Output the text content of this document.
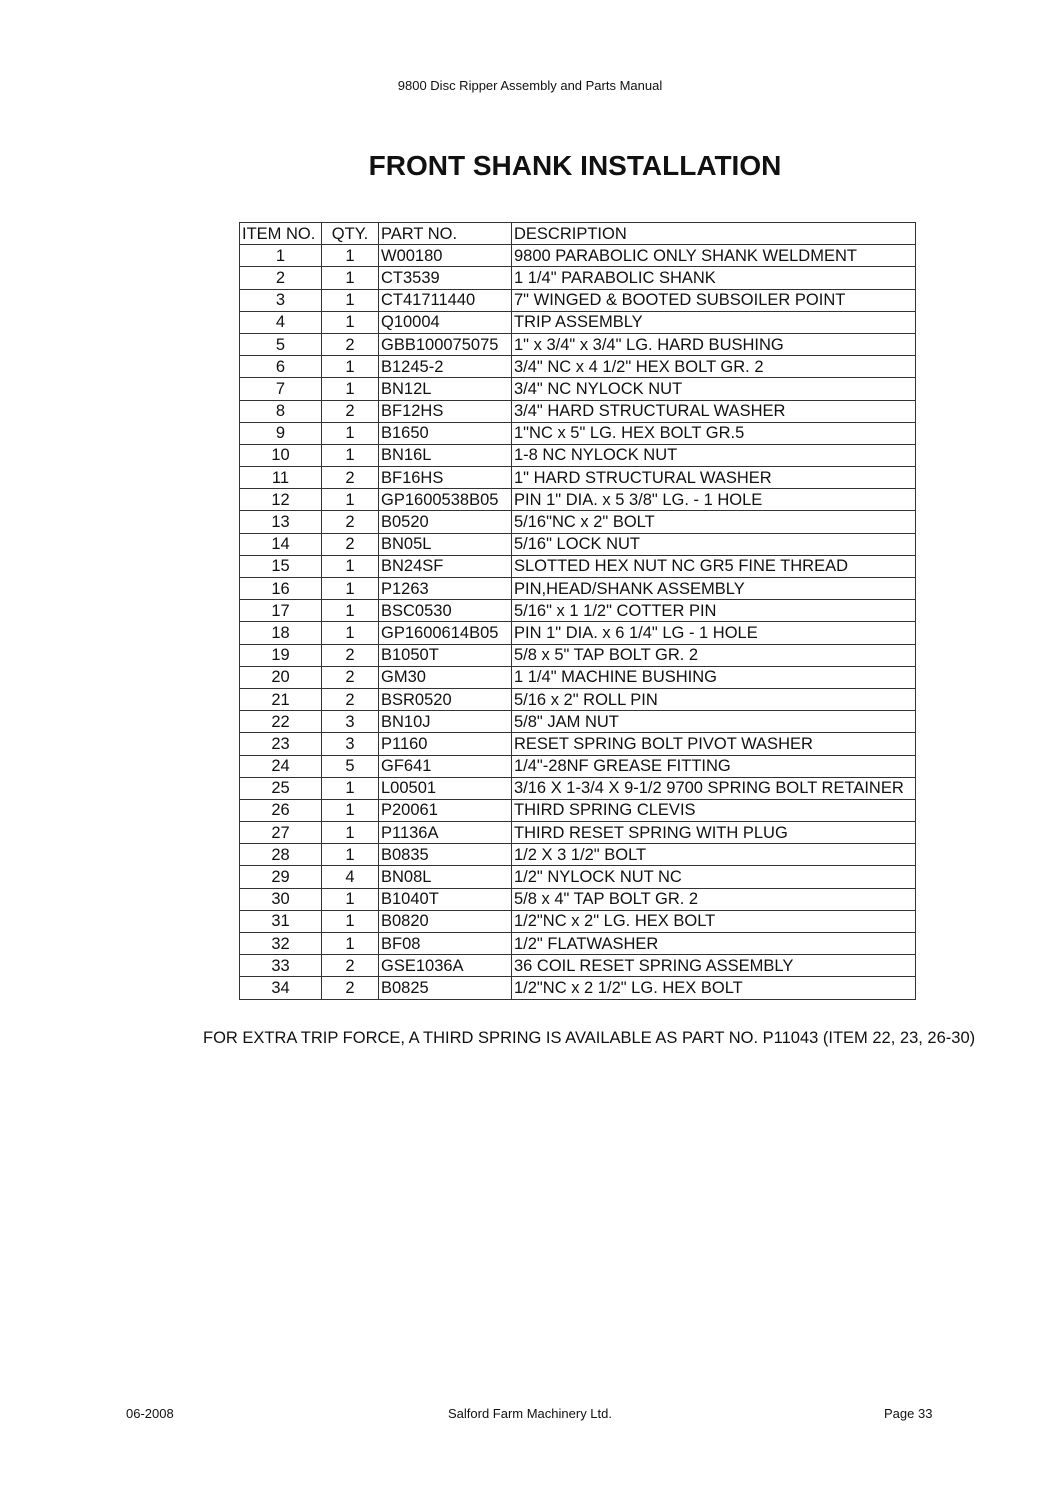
9800 Disc Ripper Assembly and Parts Manual
FRONT SHANK INSTALLATION
ITEM NO.	QTY.	PART NO.	DESCRIPTION
1	1	W00180	9800 PARABOLIC ONLY SHANK WELDMENT
2	1	CT3539	1 1/4" PARABOLIC SHANK
3	1	CT41711440	7" WINGED & BOOTED SUBSOILER POINT
4	1	Q10004	TRIP ASSEMBLY
5	2	GBB100075075	1" x 3/4" x 3/4" LG. HARD BUSHING
6	1	B1245-2	3/4" NC x 4 1/2" HEX BOLT GR. 2
7	1	BN12L	3/4" NC NYLOCK NUT
8	2	BF12HS	3/4" HARD STRUCTURAL WASHER
9	1	B1650	1"NC x 5" LG. HEX BOLT GR.5
10	1	BN16L	1-8 NC NYLOCK NUT
11	2	BF16HS	1" HARD STRUCTURAL WASHER
12	1	GP1600538B05	PIN 1" DIA. x 5 3/8" LG. - 1 HOLE
13	2	B0520	5/16"NC x 2" BOLT
14	2	BN05L	5/16" LOCK NUT
15	1	BN24SF	SLOTTED HEX NUT NC GR5 FINE THREAD
16	1	P1263	PIN,HEAD/SHANK ASSEMBLY
17	1	BSC0530	5/16" x 1 1/2" COTTER PIN
18	1	GP1600614B05	PIN 1" DIA. x 6 1/4" LG - 1 HOLE
19	2	B1050T	5/8 x 5" TAP BOLT GR. 2
20	2	GM30	1 1/4" MACHINE BUSHING
21	2	BSR0520	5/16 x 2" ROLL PIN
22	3	BN10J	5/8" JAM NUT
23	3	P1160	RESET SPRING BOLT PIVOT WASHER
24	5	GF641	1/4"-28NF GREASE FITTING
25	1	L00501	3/16 X 1-3/4 X 9-1/2 9700 SPRING BOLT RETAINER
26	1	P20061	THIRD SPRING CLEVIS
27	1	P1136A	THIRD RESET SPRING WITH PLUG
28	1	B0835	1/2 X 3 1/2" BOLT
29	4	BN08L	1/2" NYLOCK NUT NC
30	1	B1040T	5/8 x 4" TAP BOLT GR. 2
31	1	B0820	1/2"NC x 2" LG. HEX BOLT
32	1	BF08	1/2" FLATWASHER
33	2	GSE1036A	36 COIL RESET SPRING ASSEMBLY
34	2	B0825	1/2"NC x 2 1/2" LG. HEX BOLT
FOR EXTRA TRIP FORCE, A THIRD SPRING IS AVAILABLE AS PART NO. P11043 (ITEM 22, 23, 26-30)
06-2008	Salford Farm Machinery Ltd.	Page 33
